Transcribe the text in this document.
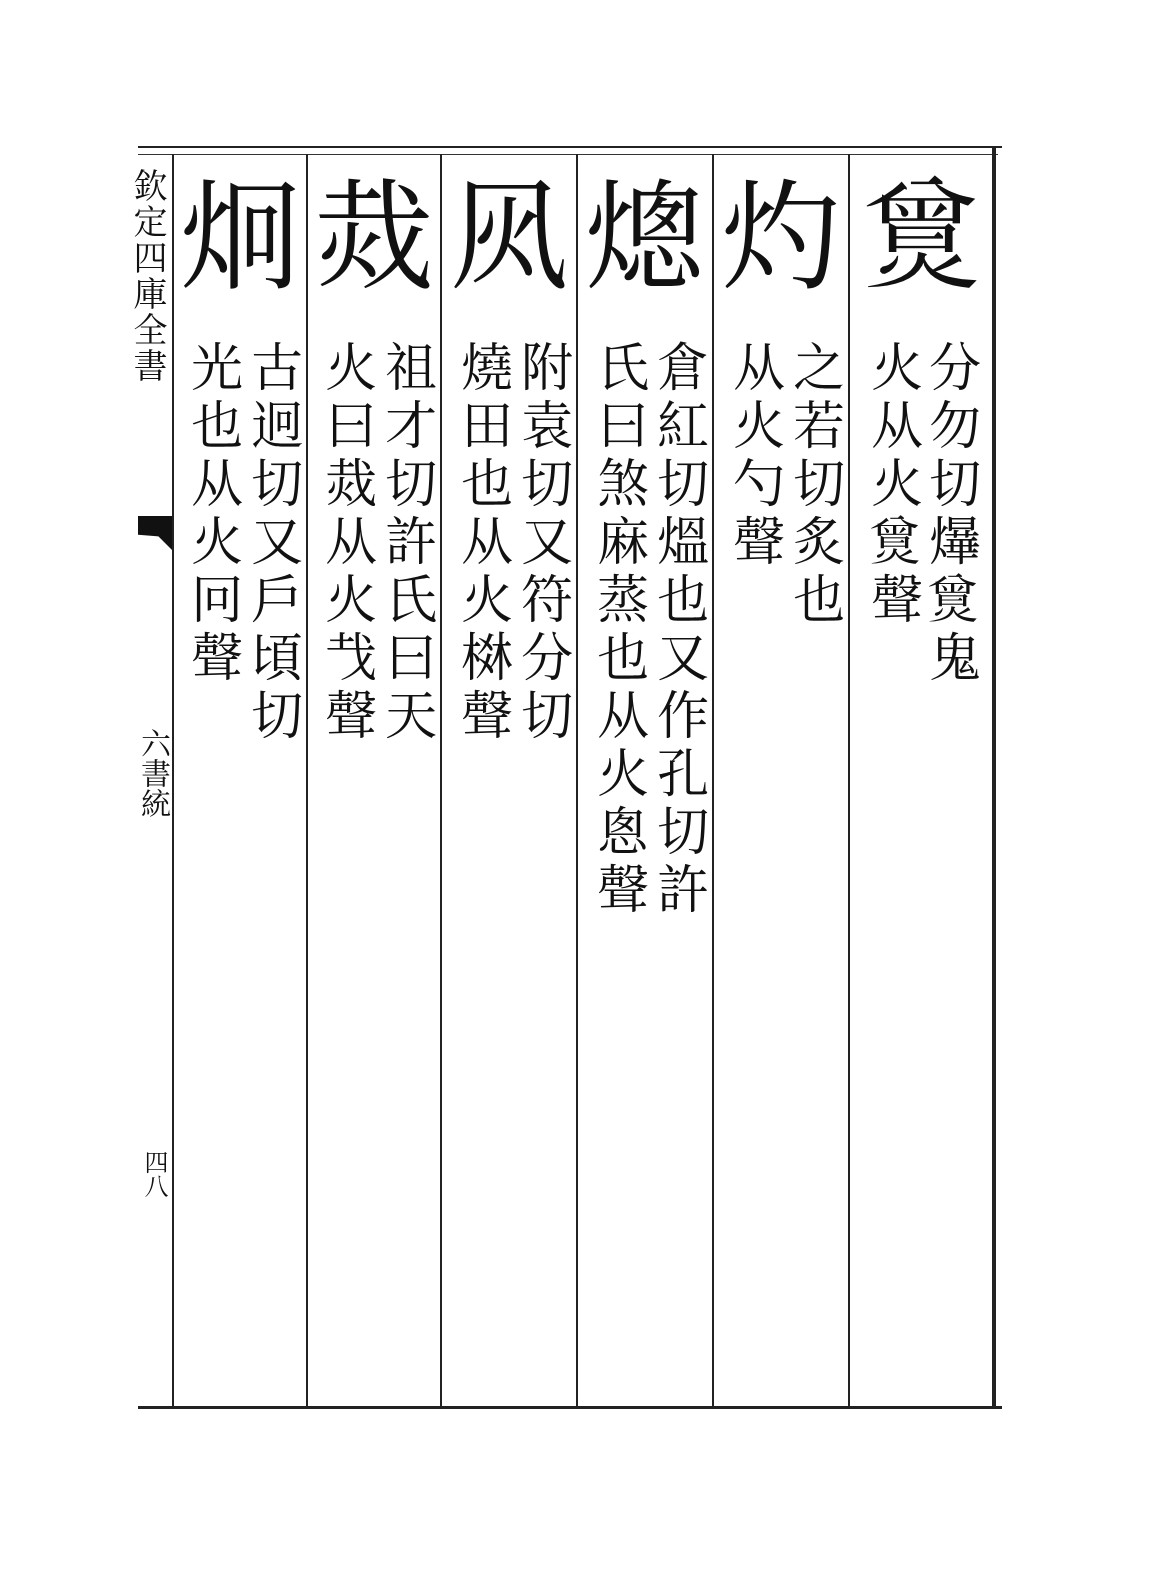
欽定四庫全書
六書統
四八
𤎯
分勿切爗𤎯鬼
火从火𤎯聲
灼
之若切炙也
从火勺聲
熜
倉紅切熅也又作孔切許
氏曰煞麻蒸也从火悤聲
㶡
附袁切又符分切
燒田也从火棥聲
烖
祖才切許氏曰天
火曰烖从火𢦏聲
炯
古迥切又戶頃切
光也从火冋聲
